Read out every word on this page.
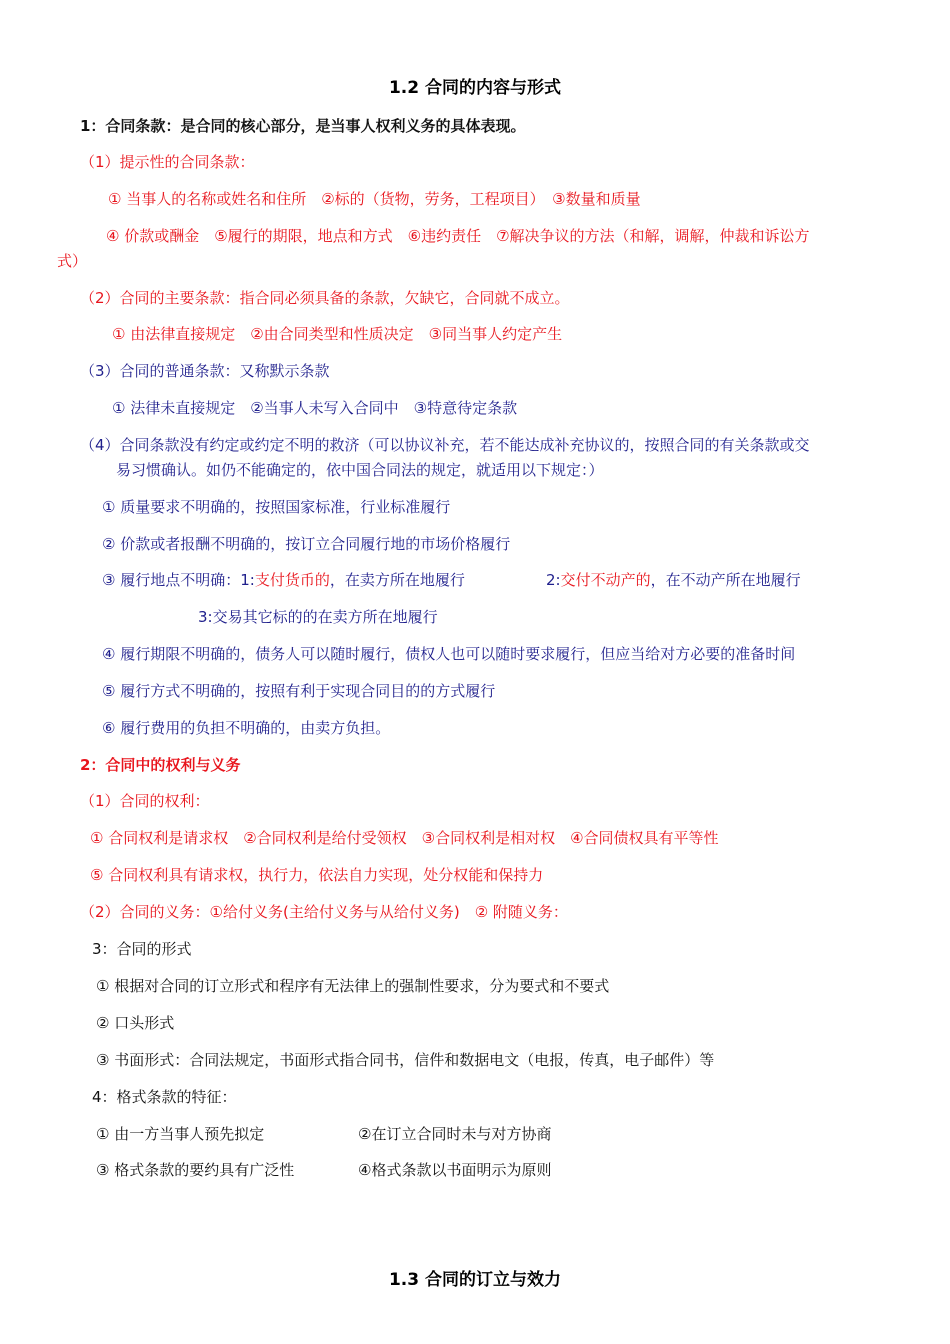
1.2 合同的内容与形式
1：合同条款：是合同的核心部分，是当事人权利义务的具体表现。
（1）提示性的合同条款：
① 当事人的名称或姓名和住所　②标的（货物，劳务，工程项目）　③数量和质量
④ 价款或酬金　⑤履行的期限，地点和方式　⑥违约责任　⑦解决争议的方法（和解，调解，仲裁和诉讼方
式）
（2）合同的主要条款：指合同必须具备的条款，欠缺它，合同就不成立。
① 由法律直接规定　②由合同类型和性质决定　③同当事人约定产生
（3）合同的普通条款：又称默示条款
① 法律未直接规定　②当事人未写入合同中　③特意待定条款
（4）合同条款没有约定或约定不明的救济（可以协议补充，若不能达成补充协议的，按照合同的有关条款或交
易习惯确认。如仍不能确定的，依中国合同法的规定，就适用以下规定：）
① 质量要求不明确的，按照国家标准，行业标准履行
② 价款或者报酬不明确的，按订立合同履行地的市场价格履行
③ 履行地点不明确：1:支付货币的，在卖方所在地履行	2:交付不动产的，在不动产所在地履行
3:交易其它标的的在卖方所在地履行
④ 履行期限不明确的，债务人可以随时履行，债权人也可以随时要求履行，但应当给对方必要的准备时间
⑤ 履行方式不明确的，按照有利于实现合同目的的方式履行
⑥ 履行费用的负担不明确的，由卖方负担。
2：合同中的权利与义务
（1）合同的权利：
① 合同权利是请求权　②合同权利是给付受领权　③合同权利是相对权　④合同债权具有平等性
⑤ 合同权利具有请求权，执行力，依法自力实现，处分权能和保持力
（2）合同的义务：①给付义务(主给付义务与从给付义务)　② 附随义务：
3：合同的形式
① 根据对合同的订立形式和程序有无法律上的强制性要求，分为要式和不要式
② 口头形式
③ 书面形式：合同法规定，书面形式指合同书，信件和数据电文（电报，传真，电子邮件）等
4：格式条款的特征：
① 由一方当事人预先拟定	②在订立合同时未与对方协商
③ 格式条款的要约具有广泛性	④格式条款以书面明示为原则
1.3 合同的订立与效力
